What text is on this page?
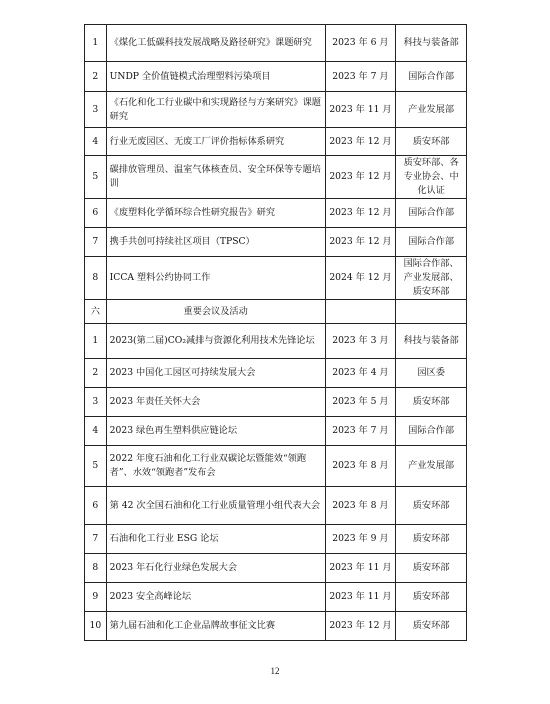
1	《煤化工低碳科技发展战略及路径研究》课题研究	2023 年 6 月	科技与装备部
2	UNDP 全价值链模式治理塑料污染项目	2023 年 7 月	国际合作部
3	《石化和化工行业碳中和实现路径与方案研究》课题研究	2023 年 11 月	产业发展部
4	行业无废园区、无废工厂评价指标体系研究	2023 年 12 月	质安环部
5	碳排放管理员、温室气体核查员、安全环保等专题培训	2023 年 12 月	质安环部、各专业协会、中化认证
6	《废塑料化学循环综合性研究报告》研究	2023 年 12 月	国际合作部
7	携手共创可持续社区项目（TPSC）	2023 年 12 月	国际合作部
8	ICCA 塑料公约协同工作	2024 年 12 月	国际合作部、产业发展部、质安环部
六	重要会议及活动		
1	2023(第二届)CO₂减排与资源化利用技术先锋论坛	2023 年 3 月	科技与装备部
2	2023 中国化工园区可持续发展大会	2023 年 4 月	园区委
3	2023 年责任关怀大会	2023 年 5 月	质安环部
4	2023 绿色再生塑料供应链论坛	2023 年 7 月	国际合作部
5	2022 年度石油和化工行业双碳论坛暨能效“领跑者”、水效“领跑者”发布会	2023 年 8 月	产业发展部
6	第 42 次全国石油和化工行业质量管理小组代表大会	2023 年 8 月	质安环部
7	石油和化工行业 ESG 论坛	2023 年 9 月	质安环部
8	2023 年石化行业绿色发展大会	2023 年 11 月	质安环部
9	2023 安全高峰论坛	2023 年 11 月	质安环部
10	第九届石油和化工企业品牌故事征文比赛	2023 年 12 月	质安环部
12
